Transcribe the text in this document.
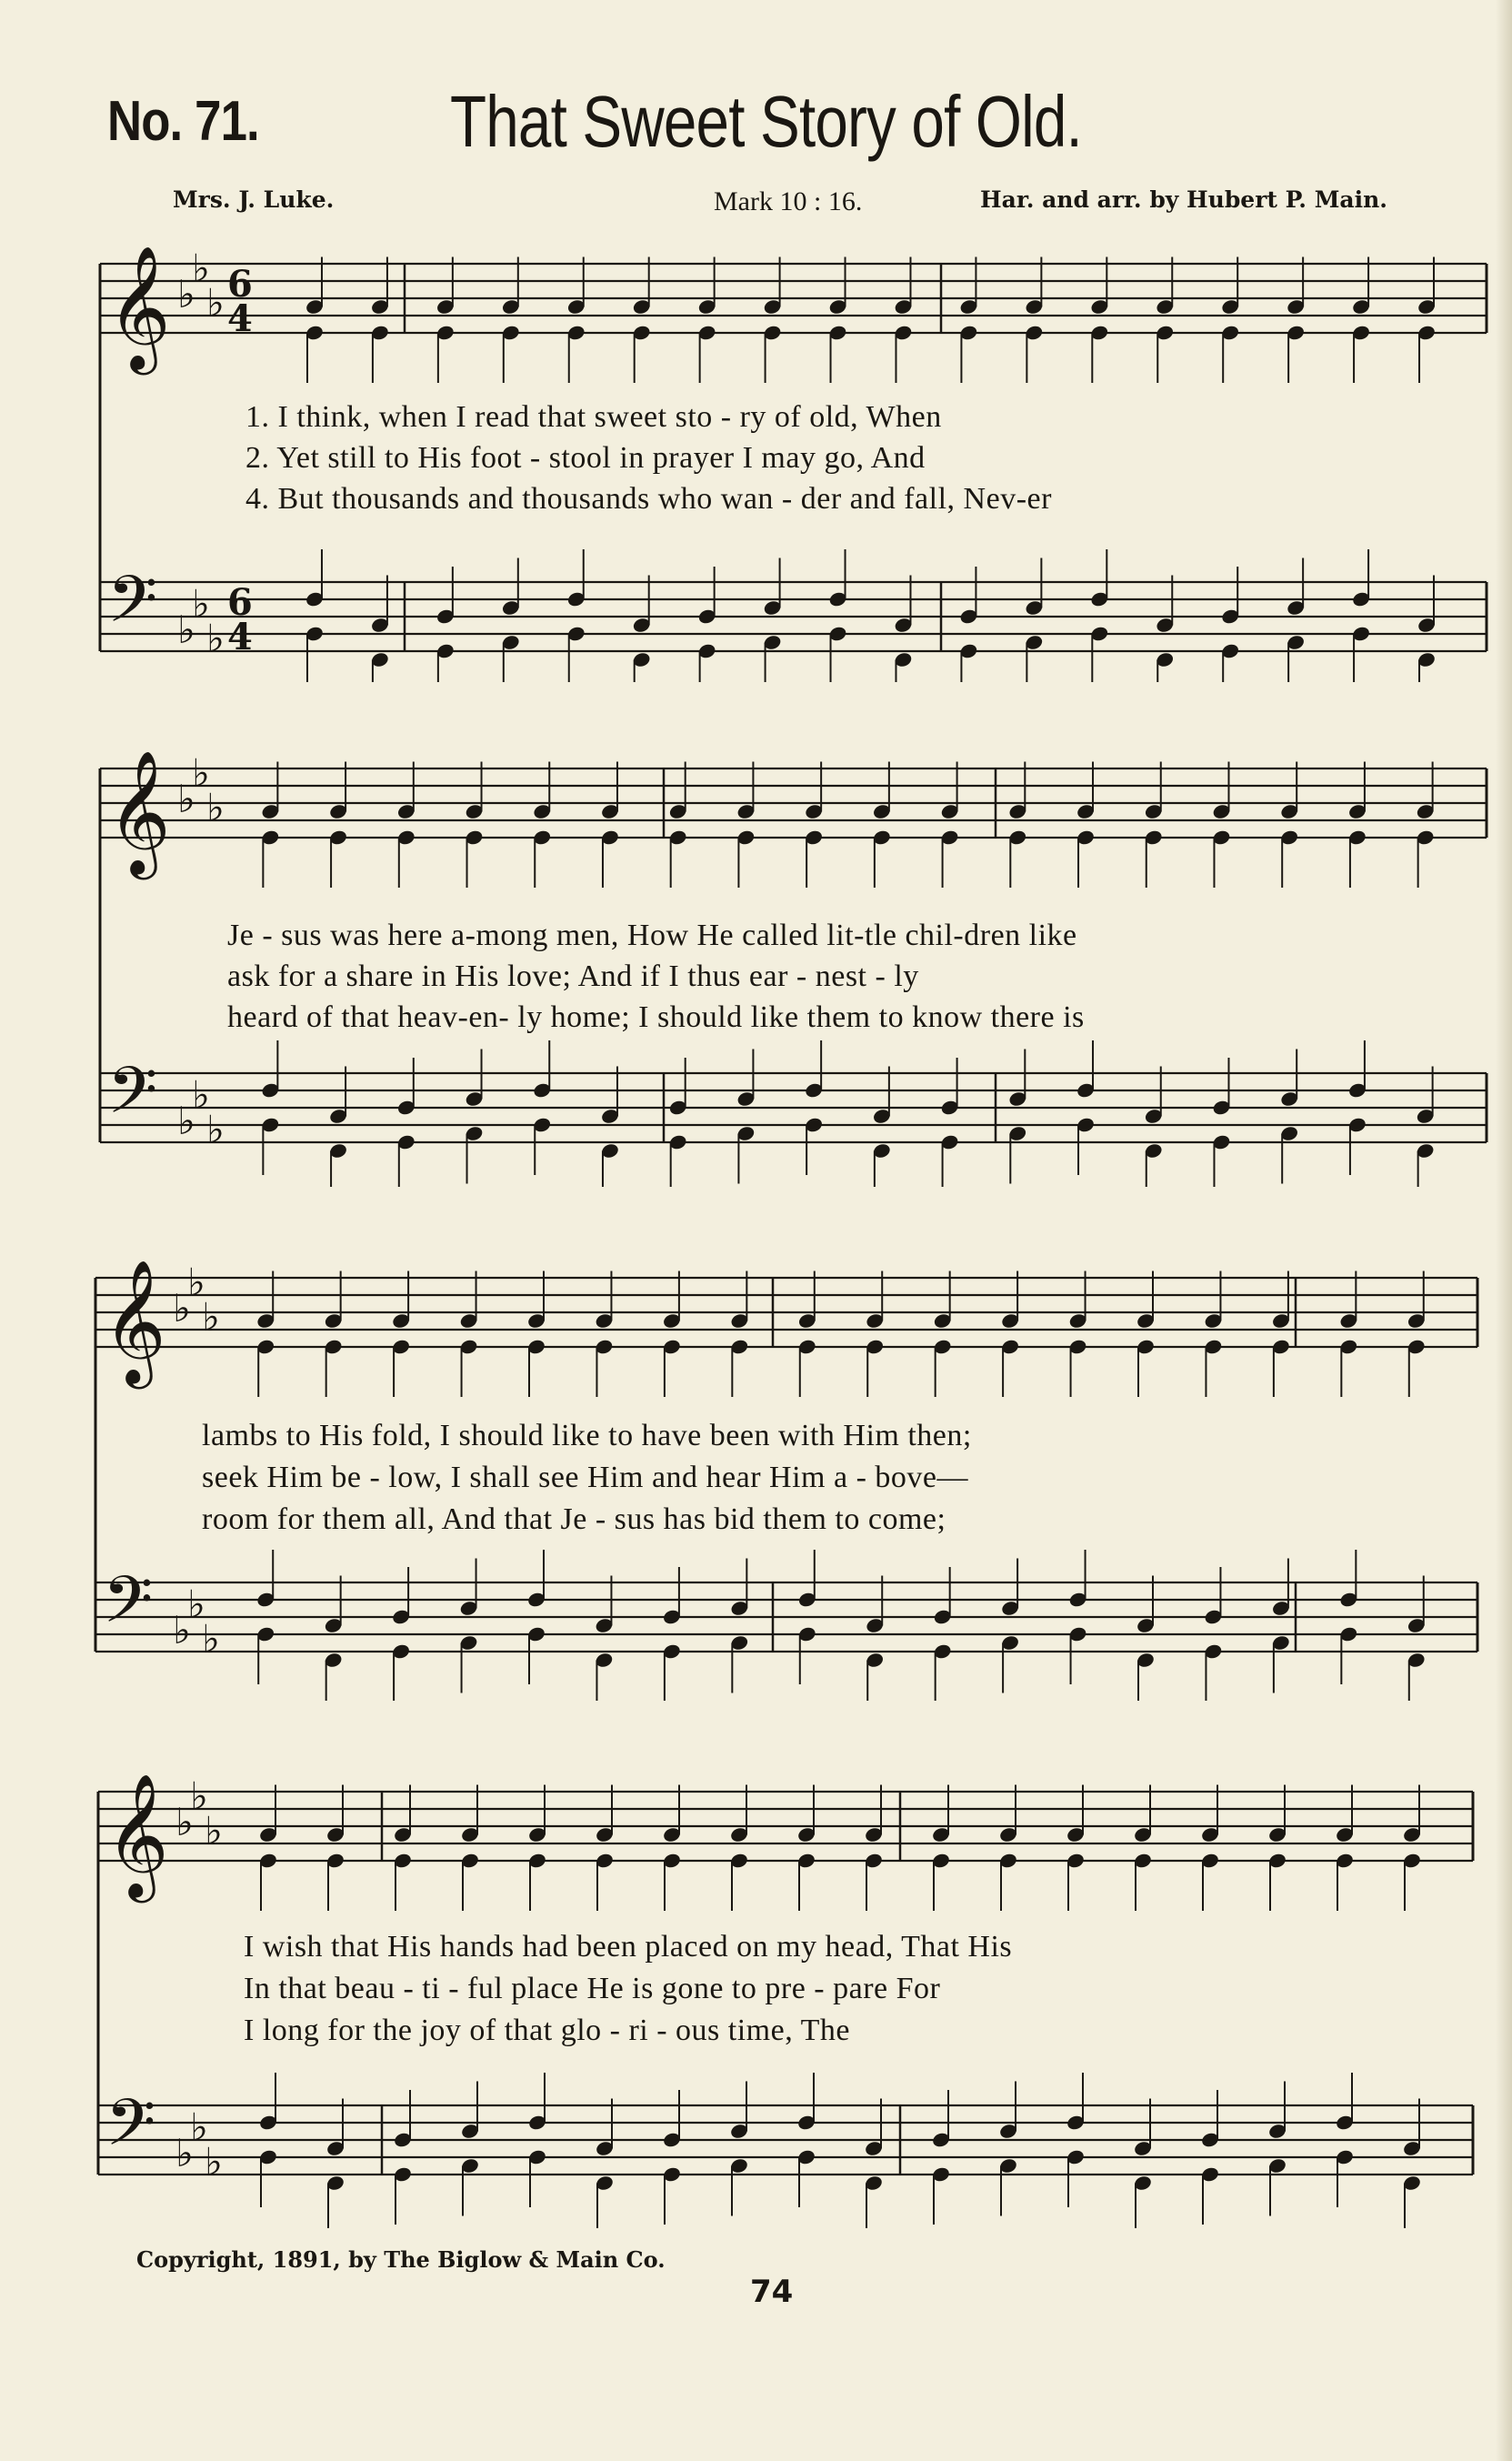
No. 71.	That Sweet Story of Old.
Mrs. J. Luke.	Mark 10 : 16.	Har. and arr. by Hubert P. Main.
𝄞 ♭
♭
♭ 6
4
𝄢 ♭
♭
♭
6
4
1. I think, when I read that sweet sto - ry of old, When
2. Yet still to His foot - stool in prayer I may go, And
4. But thousands and thousands who wan - der and fall, Nev-er
𝄞 ♭
♭
♭
𝄢 ♭
♭
♭
Je - sus was here a-mong men, How He called lit-tle chil-dren like
ask for a share in His love; And if I thus ear - nest - ly
heard of that heav-en- ly home; I should like them to know there is
𝄞 ♭
♭
♭
𝄢 ♭
♭
♭
lambs to His fold, I should like to have been with Him then;
seek Him be - low, I shall see Him and hear Him a - bove—
room for them all, And that Je - sus has bid them to come;
𝄞 ♭
♭
♭
𝄢 ♭
♭
♭
I wish that His hands had been placed on my head, That His
In that beau - ti - ful place He is gone to pre - pare For
I long for the joy of that glo - ri - ous time, The
Copyright, 1891, by The Biglow & Main Co.
74
